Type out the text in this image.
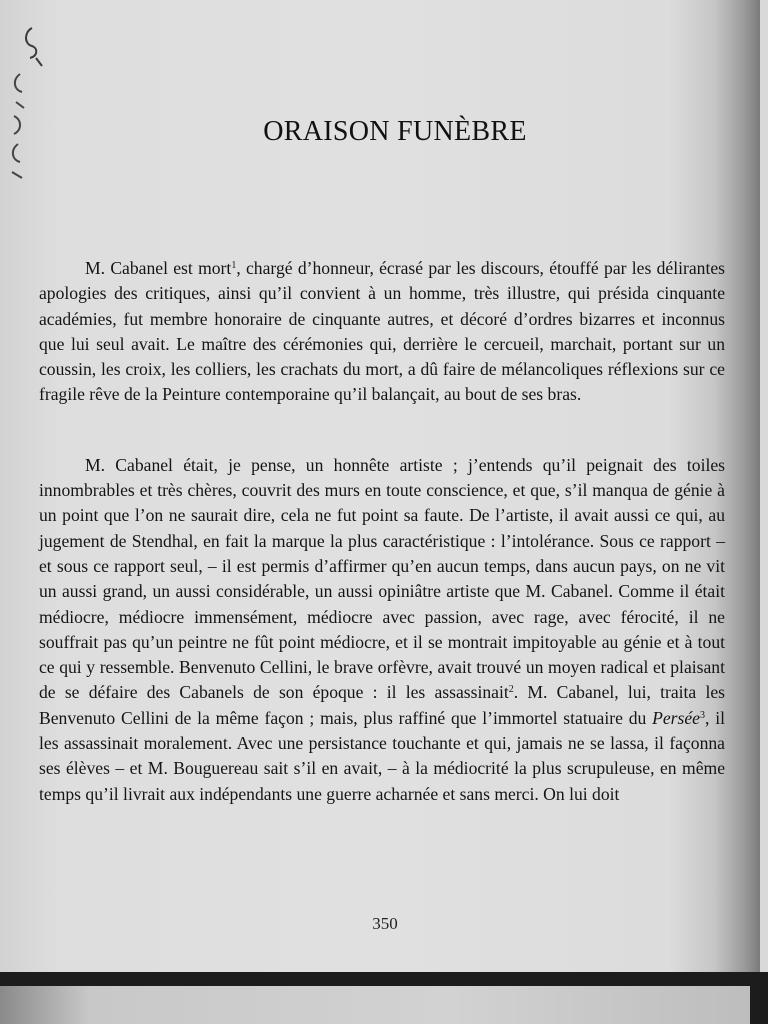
ORAISON FUNÈBRE

M. Cabanel est mort$^1$, chargé d’honneur, écrasé par les discours, étouffé par les délirantes apologies des critiques, ainsi qu’il convient à un homme, très illustre, qui présida cinquante académies, fut membre honoraire de cinquante autres, et décoré d’ordres bizarres et inconnus que lui seul avait. Le maître des cérémonies qui, derrière le cercueil, marchait, portant sur un coussin, les croix, les colliers, les crachats du mort, a dû faire de mélancoliques réflexions sur ce fragile rêve de la Peinture contemporaine qu’il balançait, au bout de ses bras.

M. Cabanel était, je pense, un honnête artiste ; j’entends qu’il peignait des toiles innombrables et très chères, couvrit des murs en toute conscience, et que, s’il manqua de génie à un point que l’on ne saurait dire, cela ne fut point sa faute. De l’artiste, il avait aussi ce qui, au jugement de Stendhal, en fait la marque la plus caractéristique : l’intolérance. Sous ce rapport – et sous ce rapport seul, – il est permis d’affirmer qu’en aucun temps, dans aucun pays, on ne vit un aussi grand, un aussi considérable, un aussi opiniâtre artiste que M. Cabanel. Comme il était médiocre, médiocre immensément, médiocre avec passion, avec rage, avec férocité, il ne souffrait pas qu’un peintre ne fût point médiocre, et il se montrait impitoyable au génie et à tout ce qui y ressemble. Benvenuto Cellini, le brave orfèvre, avait trouvé un moyen radical et plaisant de se défaire des Cabanels de son époque : il les assassinait$^2$. M. Cabanel, lui, traita les Benvenuto Cellini de la même façon ; mais, plus raffiné que l’immortel statuaire du Persée$^3$, il les assassinait moralement. Avec une persistance touchante et qui, jamais ne se lassa, il façonna ses élèves – et M. Bouguereau sait s’il en avait, – à la médiocrité la plus scrupuleuse, en même temps qu’il livrait aux indépendants une guerre acharnée et sans merci. On lui doit

350
